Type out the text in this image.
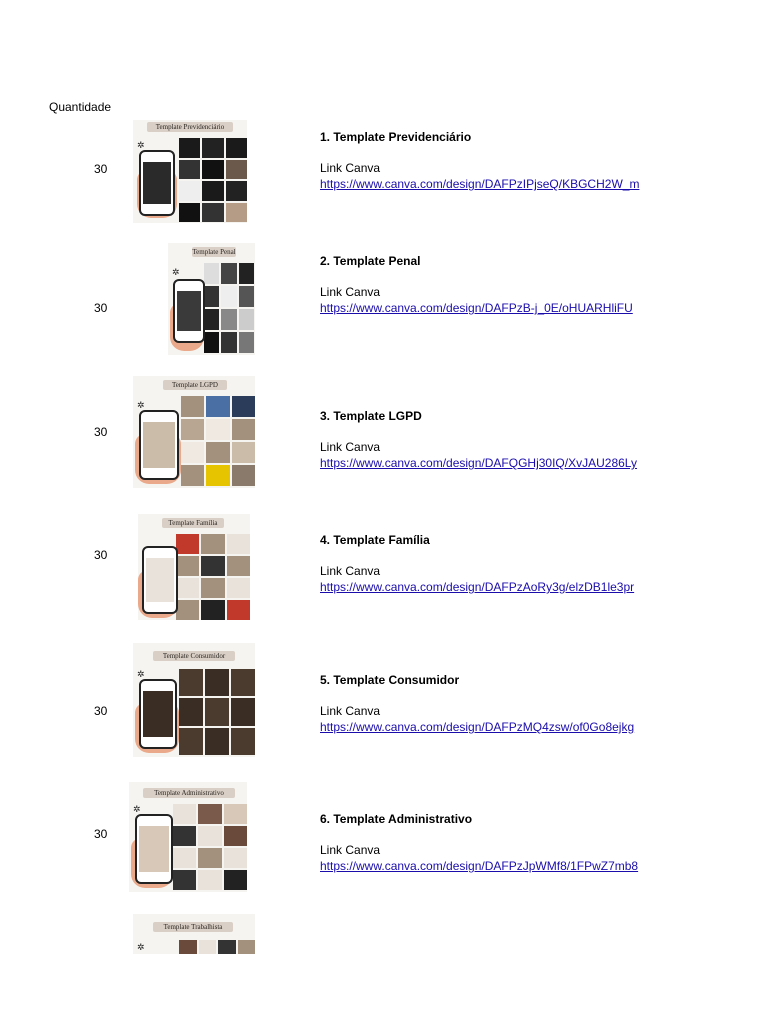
Quantidade
30
Template Previdenciário
✲

1. Template Previdenciário

Link Canva

https://www.canva.com/design/DAFPzIPjseQ/KBGCH2W_m
30
Template Penal
✲

2. Template Penal

Link Canva

https://www.canva.com/design/DAFPzB-j_0E/oHUARHliFU
30
Template LGPD
✲

3. Template LGPD

Link Canva

https://www.canva.com/design/DAFQGHj30IQ/XvJAU286Ly
30
Template Família

4. Template Família

Link Canva

https://www.canva.com/design/DAFPzAoRy3g/elzDB1le3pr
30
Template Consumidor
✲	5. Template Consumidor

Link Canva

https://www.canva.com/design/DAFPzMQ4zsw/of0Go8ejkg
30
Template Administrativo
✲

6. Template Administrativo

Link Canva

https://www.canva.com/design/DAFPzJpWMf8/1FPwZ7mb8
Template Trabalhista
✲
